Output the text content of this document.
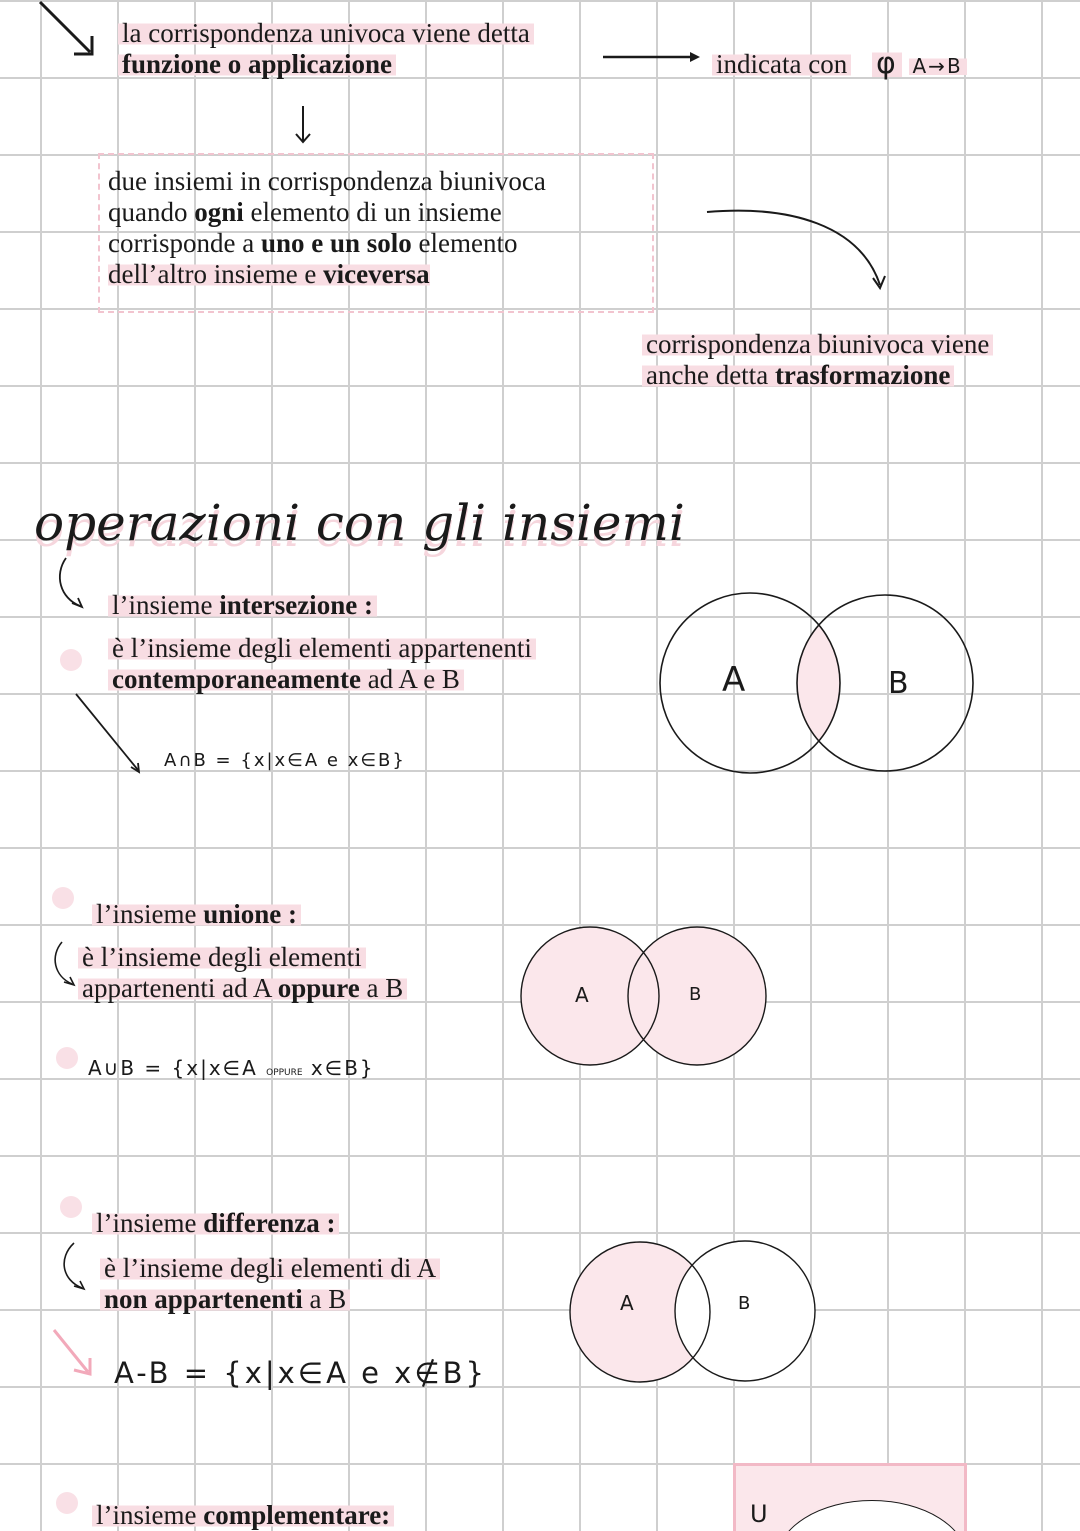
la corrispondenza univoca viene detta
funzione o applicazione	indicata con φ A→B
due insiemi in corrispondenza biunivoca
quando ogni elemento di un insieme
corrisponde a uno e un solo elemento
dell’altro insieme e viceversa
corrispondenza biunivoca viene
anche detta trasformazione
operazioni con gli insiemi
l’insieme intersezione :
è l’insieme degli elementi appartenenti
contemporaneamente ad A e B
A∩B = {x|x∈A e x∈B}
A	B
l’insieme unione :
è l’insieme degli elementi
appartenenti ad A oppure a B
A∪B = {x|x∈A OPPURE x∈B}
A	B
l’insieme differenza :
è l’insieme degli elementi di A
non appartenenti a B
A-B = {x|x∈A e x∉B}
A	B
l’insieme complementare:	U
